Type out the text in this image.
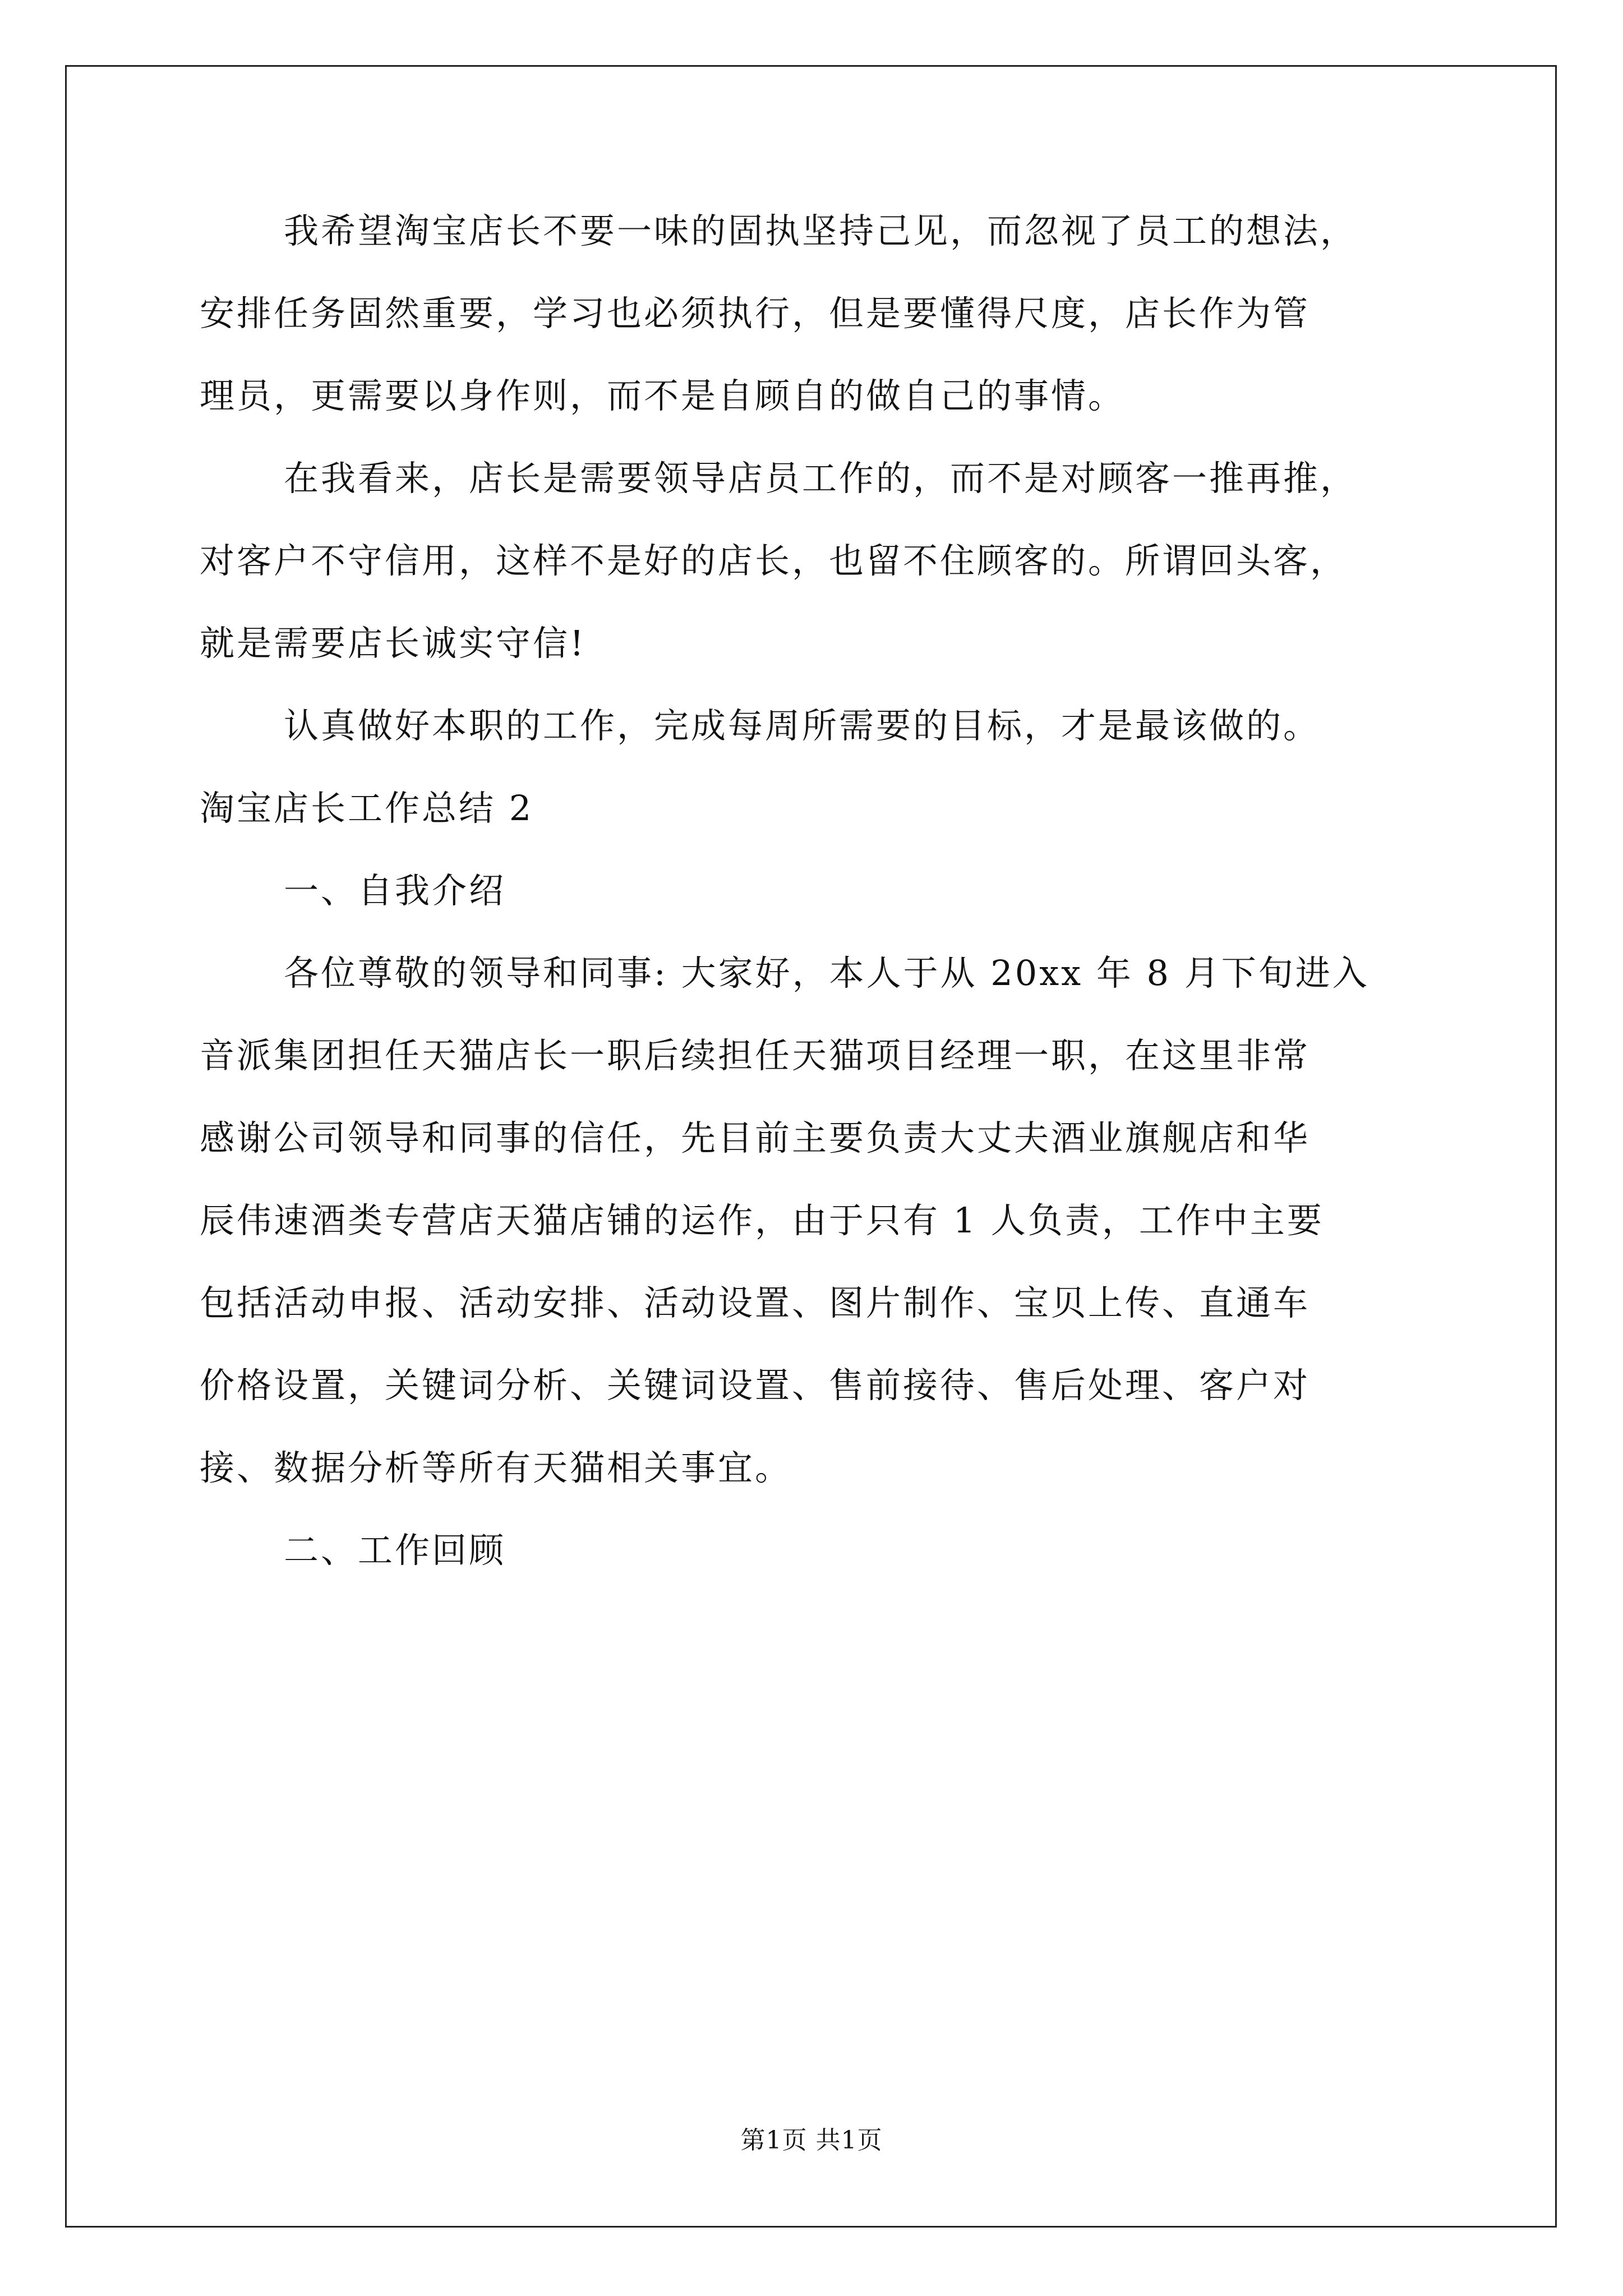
我希望淘宝店长不要一味的固执坚持己见，而忽视了员工的想法，
安排任务固然重要，学习也必须执行，但是要懂得尺度，店长作为管
理员，更需要以身作则，而不是自顾自的做自己的事情。
在我看来，店长是需要领导店员工作的，而不是对顾客一推再推，
对客户不守信用，这样不是好的店长，也留不住顾客的。所谓回头客，
就是需要店长诚实守信!
认真做好本职的工作，完成每周所需要的目标，才是最该做的。
淘宝店长工作总结 2
一、自我介绍
各位尊敬的领导和同事: 大家好，本人于从 20xx 年 8 月下旬进入
音派集团担任天猫店长一职后续担任天猫项目经理一职，在这里非常
感谢公司领导和同事的信任，先目前主要负责大丈夫酒业旗舰店和华
辰伟速酒类专营店天猫店铺的运作，由于只有 1 人负责，工作中主要
包括活动申报、活动安排、活动设置、图片制作、宝贝上传、直通车
价格设置，关键词分析、关键词设置、售前接待、售后处理、客户对
接、数据分析等所有天猫相关事宜。
二、工作回顾
第1页 共1页
